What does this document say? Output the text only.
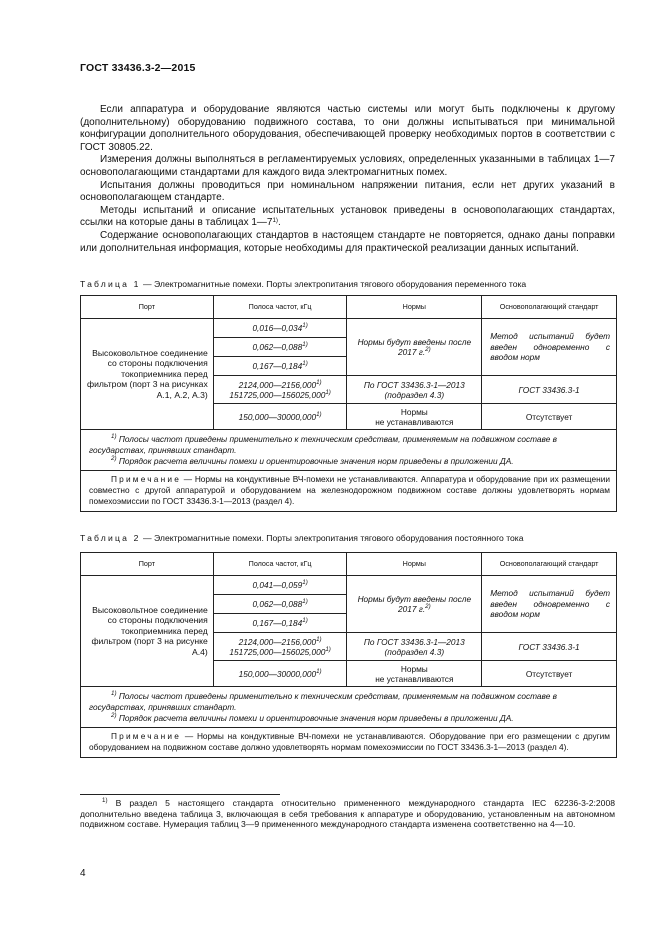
ГОСТ 33436.3-2—2015

Если аппаратура и оборудование являются частью системы или могут быть подключены к другому (дополнительному) оборудованию подвижного состава, то они должны испытываться при минимальной конфигурации дополнительного оборудования, обеспечивающей проверку необходимых портов в соответствии с ГОСТ 30805.22.

Измерения должны выполняться в регламентируемых условиях, определенных указанными в таблицах 1—7 основополагающими стандартами для каждого вида электромагнитных помех.

Испытания должны проводиться при номинальном напряжении питания, если нет других указаний в основополагающем стандарте.

Методы испытаний и описание испытательных установок приведены в основополагающих стандартах, ссылки на которые даны в таблицах 1—7$^{1)}$.

Содержание основополагающих стандартов в настоящем стандарте не повторяется, однако даны поправки или дополнительная информация, которые необходимы для практической реализации данных испытаний.

Таблица 1 — Электромагнитные помехи. Порты электропитания тягового оборудования переменного тока
Порт	Полоса частот, кГц	Нормы	Основополагающий стандарт
Высоковольтное соединение со стороны подключения токоприемника перед фильтром (порт 3 на рисунках А.1, А.2, А.3)	0,016—0,034$^{1)}$	Нормы будут введены после 2017 г.$^{2)}$	Метод испытаний будет введен одновременно с вводом норм
	0,062—0,088$^{1)}$
	0,167—0,184$^{1)}$
	2124,000—2156,000$^{1)}$
151725,000—156025,000$^{1)}$	По ГОСТ 33436.3-1—2013
(подраздел 4.3)	ГОСТ 33436.3-1
	150,000—30000,000$^{1)}$	Нормы
не устанавливаются	Отсутствует

$^{1)}$ Полосы частот приведены применительно к техническим средствам, применяемым на подвижном составе в государствах, принявших стандарт.

$^{2)}$ Порядок расчета величины помехи и ориентировочные значения норм приведены в приложении ДА.			

Примечание — Нормы на кондуктивные ВЧ-помехи не устанавливаются. Аппаратура и оборудование при их размещении совместно с другой аппаратурой и оборудованием на железнодорожном подвижном составе должны удовлетворять нормам помехоэмиссии по ГОСТ 33436.3-1—2013 (раздел 4).			

Таблица 2 — Электромагнитные помехи. Порты электропитания тягового оборудования постоянного тока
Порт	Полоса частот, кГц	Нормы	Основополагающий стандарт
Высоковольтное соединение со стороны подключения токоприемника перед фильтром (порт 3 на рисунке А.4)	0,041—0,059$^{1)}$	Нормы будут введены после 2017 г.$^{2)}$	Метод испытаний будет введен одновременно с вводом норм
	0,062—0,088$^{1)}$
	0,167—0,184$^{1)}$
	2124,000—2156,000$^{1)}$
151725,000—156025,000$^{1)}$	По ГОСТ 33436.3-1—2013
(подраздел 4.3)	ГОСТ 33436.3-1
	150,000—30000,000$^{1)}$	Нормы
не устанавливаются	Отсутствует

$^{1)}$ Полосы частот приведены применительно к техническим средствам, применяемым на подвижном составе в государствах, принявших стандарт.

$^{2)}$ Порядок расчета величины помехи и ориентировочные значения норм приведены в приложении ДА.			

Примечание — Нормы на кондуктивные ВЧ-помехи не устанавливаются. Оборудование при его размещении с другим оборудованием на подвижном составе должно удовлетворять нормам помехоэмиссии по ГОСТ 33436.3-1—2013 (раздел 4).			

$^{1)}$ В раздел 5 настоящего стандарта относительно примененного международного стандарта IEC 62236-3-2:2008 дополнительно введена таблица 3, включающая в себя требования к аппаратуре и оборудованию, установленным на автономном подвижном составе. Нумерация таблиц 3—9 примененного международного стандарта изменена соответственно на 4—10.

4
